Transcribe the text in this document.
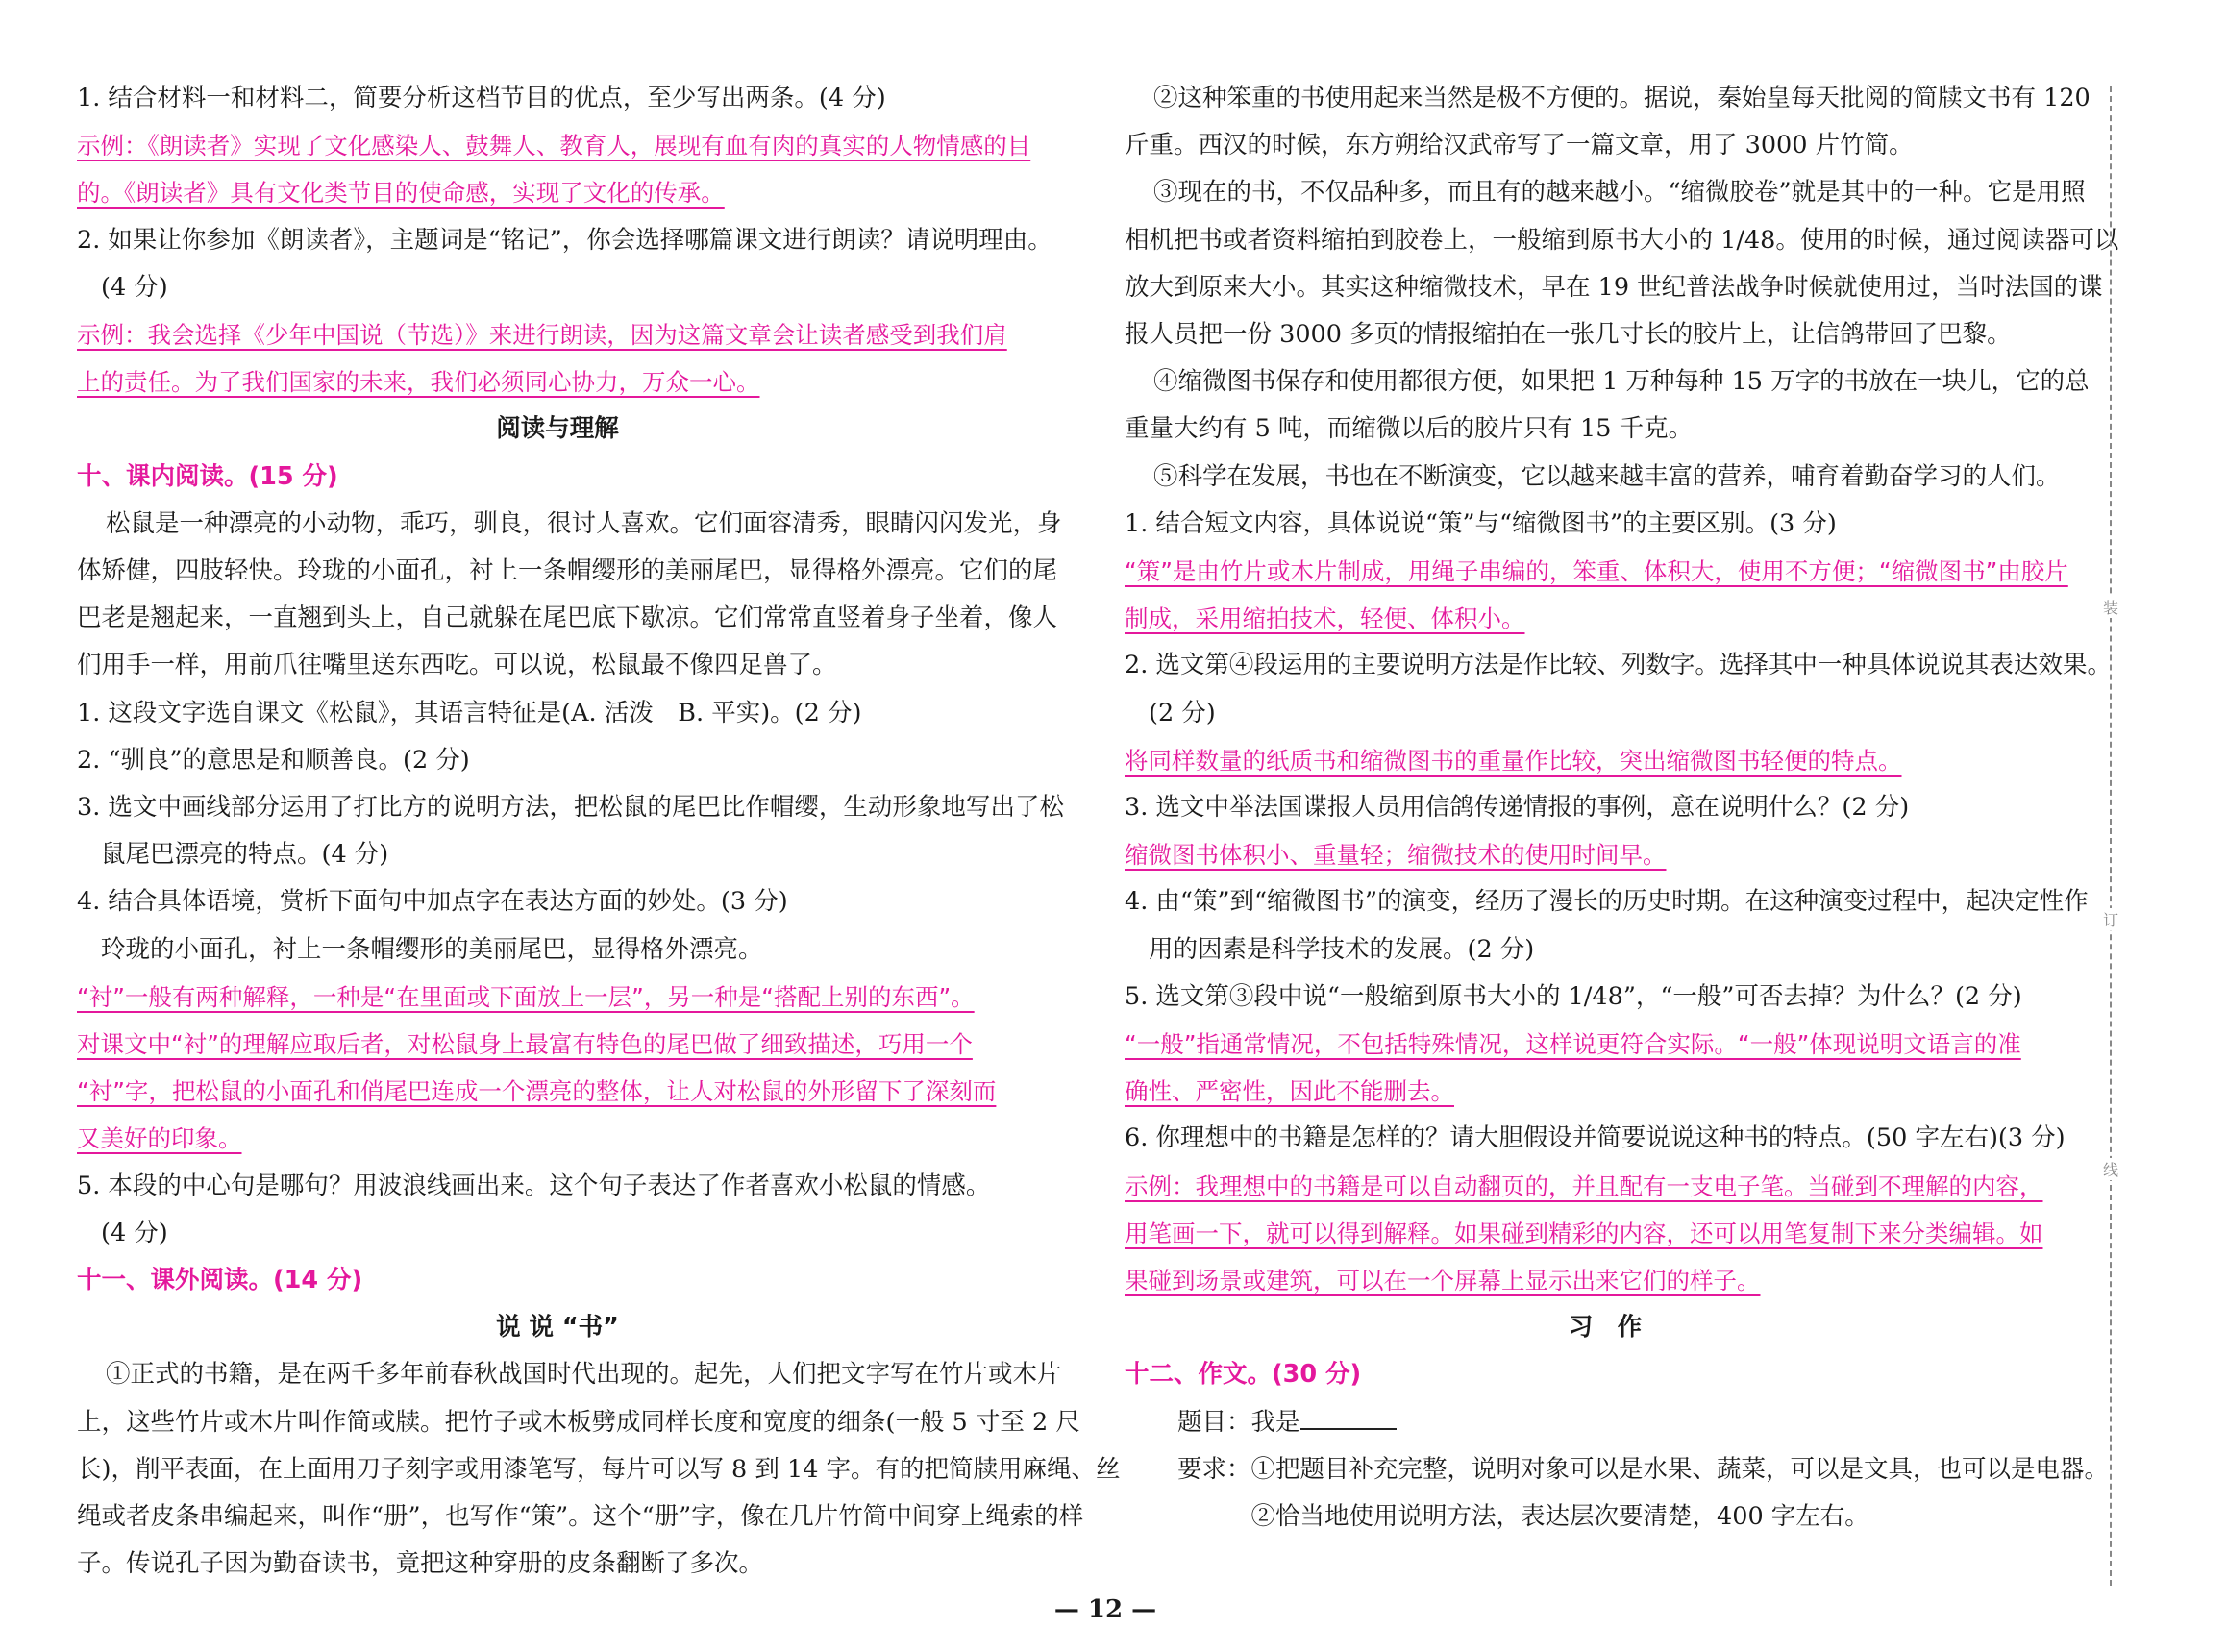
1. 结合材料一和材料二，简要分析这档节目的优点，至少写出两条。(4 分)
示例：《朗读者》实现了文化感染人、鼓舞人、教育人，展现有血有肉的真实的人物情感的目
的。《朗读者》具有文化类节目的使命感，实现了文化的传承。
2. 如果让你参加《朗读者》，主题词是“铭记”，你会选择哪篇课文进行朗读？请说明理由。
(4 分)
示例：我会选择《少年中国说（节选）》来进行朗读，因为这篇文章会让读者感受到我们肩
上的责任。为了我们国家的未来，我们必须同心协力，万众一心。
阅读与理解
十、课内阅读。(15 分)
松鼠是一种漂亮的小动物，乖巧，驯良，很讨人喜欢。它们面容清秀，眼睛闪闪发光，身
体矫健，四肢轻快。玲珑的小面孔，衬上一条帽缨形的美丽尾巴，显得格外漂亮。它们的尾
巴老是翘起来，一直翘到头上，自己就躲在尾巴底下歇凉。它们常常直竖着身子坐着，像人
们用手一样，用前爪往嘴里送东西吃。可以说，松鼠最不像四足兽了。
1. 这段文字选自课文《松鼠》，其语言特征是(A. 活泼　B. 平实)。(2 分)
2. “驯良”的意思是和顺善良。(2 分)
3. 选文中画线部分运用了打比方的说明方法，把松鼠的尾巴比作帽缨，生动形象地写出了松
鼠尾巴漂亮的特点。(4 分)
4. 结合具体语境，赏析下面句中加点字在表达方面的妙处。(3 分)
玲珑的小面孔，衬上一条帽缨形的美丽尾巴，显得格外漂亮。
“衬”一般有两种解释，一种是“在里面或下面放上一层”，另一种是“搭配上别的东西”。
对课文中“衬”的理解应取后者，对松鼠身上最富有特色的尾巴做了细致描述，巧用一个
“衬”字，把松鼠的小面孔和俏尾巴连成一个漂亮的整体，让人对松鼠的外形留下了深刻而
又美好的印象。
5. 本段的中心句是哪句？用波浪线画出来。这个句子表达了作者喜欢小松鼠的情感。
(4 分)
十一、课外阅读。(14 分)
说 说 “书”
①正式的书籍，是在两千多年前春秋战国时代出现的。起先，人们把文字写在竹片或木片
上，这些竹片或木片叫作简或牍。把竹子或木板劈成同样长度和宽度的细条(一般 5 寸至 2 尺
长)，削平表面，在上面用刀子刻字或用漆笔写，每片可以写 8 到 14 字。有的把简牍用麻绳、丝
绳或者皮条串编起来，叫作“册”，也写作“策”。这个“册”字，像在几片竹简中间穿上绳索的样
子。传说孔子因为勤奋读书，竟把这种穿册的皮条翻断了多次。
②这种笨重的书使用起来当然是极不方便的。据说，秦始皇每天批阅的简牍文书有 120
斤重。西汉的时候，东方朔给汉武帝写了一篇文章，用了 3000 片竹简。
③现在的书，不仅品种多，而且有的越来越小。“缩微胶卷”就是其中的一种。它是用照
相机把书或者资料缩拍到胶卷上，一般缩到原书大小的 1/48。使用的时候，通过阅读器可以
放大到原来大小。其实这种缩微技术，早在 19 世纪普法战争时候就使用过，当时法国的谍
报人员把一份 3000 多页的情报缩拍在一张几寸长的胶片上，让信鸽带回了巴黎。
④缩微图书保存和使用都很方便，如果把 1 万种每种 15 万字的书放在一块儿，它的总
重量大约有 5 吨，而缩微以后的胶片只有 15 千克。
⑤科学在发展，书也在不断演变，它以越来越丰富的营养，哺育着勤奋学习的人们。
1. 结合短文内容，具体说说“策”与“缩微图书”的主要区别。(3 分)
“策”是由竹片或木片制成，用绳子串编的，笨重、体积大，使用不方便；“缩微图书”由胶片
制成，采用缩拍技术，轻便、体积小。
2. 选文第④段运用的主要说明方法是作比较、列数字。选择其中一种具体说说其表达效果。
(2 分)
将同样数量的纸质书和缩微图书的重量作比较，突出缩微图书轻便的特点。
3. 选文中举法国谍报人员用信鸽传递情报的事例，意在说明什么？(2 分)
缩微图书体积小、重量轻；缩微技术的使用时间早。
4. 由“策”到“缩微图书”的演变，经历了漫长的历史时期。在这种演变过程中，起决定性作
用的因素是科学技术的发展。(2 分)
5. 选文第③段中说“一般缩到原书大小的 1/48”，“一般”可否去掉？为什么？(2 分)
“一般”指通常情况，不包括特殊情况，这样说更符合实际。“一般”体现说明文语言的准
确性、严密性，因此不能删去。
6. 你理想中的书籍是怎样的？请大胆假设并简要说说这种书的特点。(50 字左右)(3 分)
示例：我理想中的书籍是可以自动翻页的，并且配有一支电子笔。当碰到不理解的内容，
用笔画一下，就可以得到解释。如果碰到精彩的内容，还可以用笔复制下来分类编辑。如
果碰到场景或建筑，可以在一个屏幕上显示出来它们的样子。
习　作
十二、作文。(30 分)
题目：我是
要求：①把题目补充完整，说明对象可以是水果、蔬菜，可以是文具，也可以是电器。
　　　②恰当地使用说明方法，表达层次要清楚，400 字左右。
装
订
线
— 12 —
